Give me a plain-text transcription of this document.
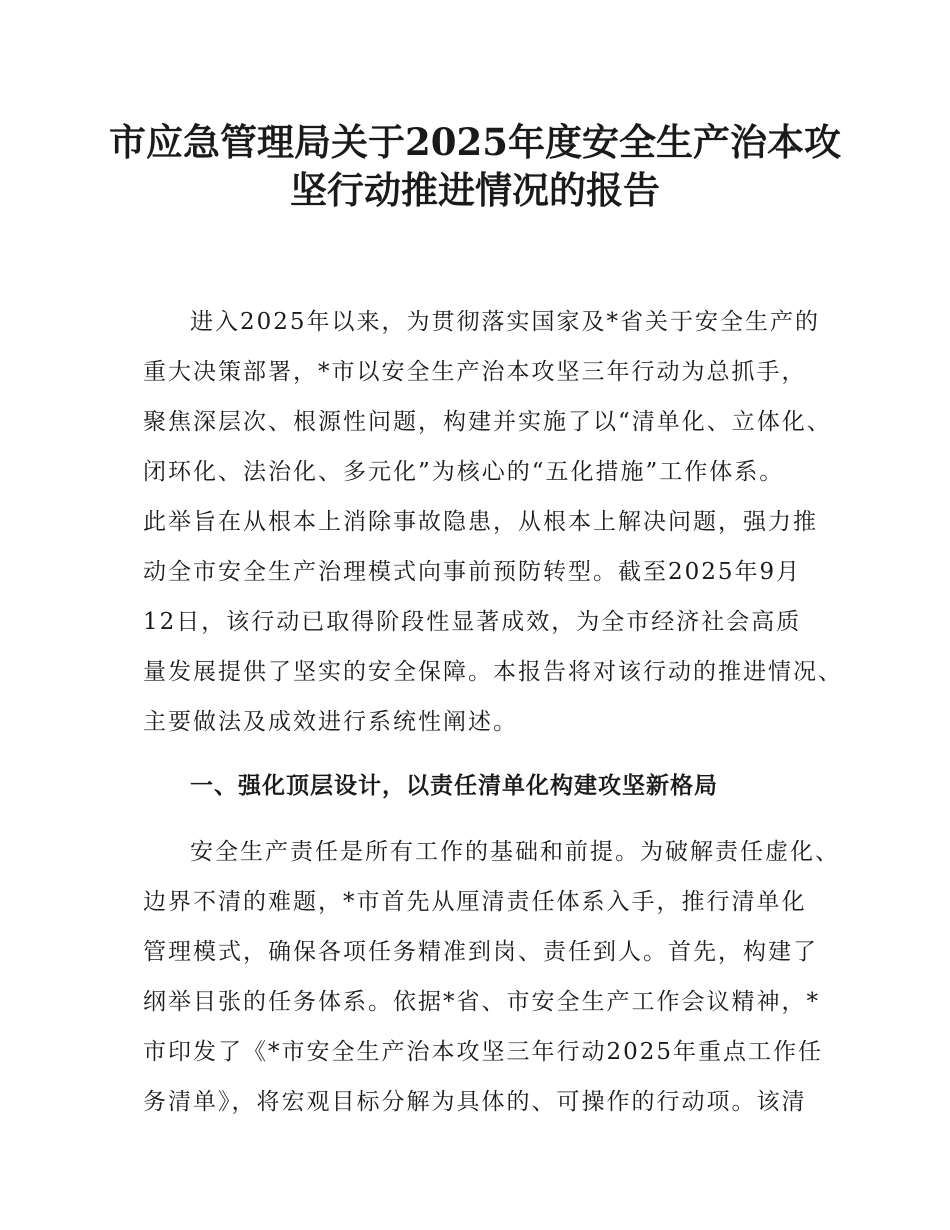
市应急管理局关于2025年度安全生产治本攻
坚行动推进情况的报告
进入2025年以来，为贯彻落实国家及*省关于安全生产的
重大决策部署，*市以安全生产治本攻坚三年行动为总抓手，
聚焦深层次、根源性问题，构建并实施了以“清单化、立体化、
闭环化、法治化、多元化”为核心的“五化措施”工作体系。
此举旨在从根本上消除事故隐患，从根本上解决问题，强力推
动全市安全生产治理模式向事前预防转型。截至2025年9月
12日，该行动已取得阶段性显著成效，为全市经济社会高质
量发展提供了坚实的安全保障。本报告将对该行动的推进情况、
主要做法及成效进行系统性阐述。
一、强化顶层设计，以责任清单化构建攻坚新格局
安全生产责任是所有工作的基础和前提。为破解责任虚化、
边界不清的难题，*市首先从厘清责任体系入手，推行清单化
管理模式，确保各项任务精准到岗、责任到人。首先，构建了
纲举目张的任务体系。依据*省、市安全生产工作会议精神，*
市印发了《*市安全生产治本攻坚三年行动2025年重点工作任
务清单》，将宏观目标分解为具体的、可操作的行动项。该清
